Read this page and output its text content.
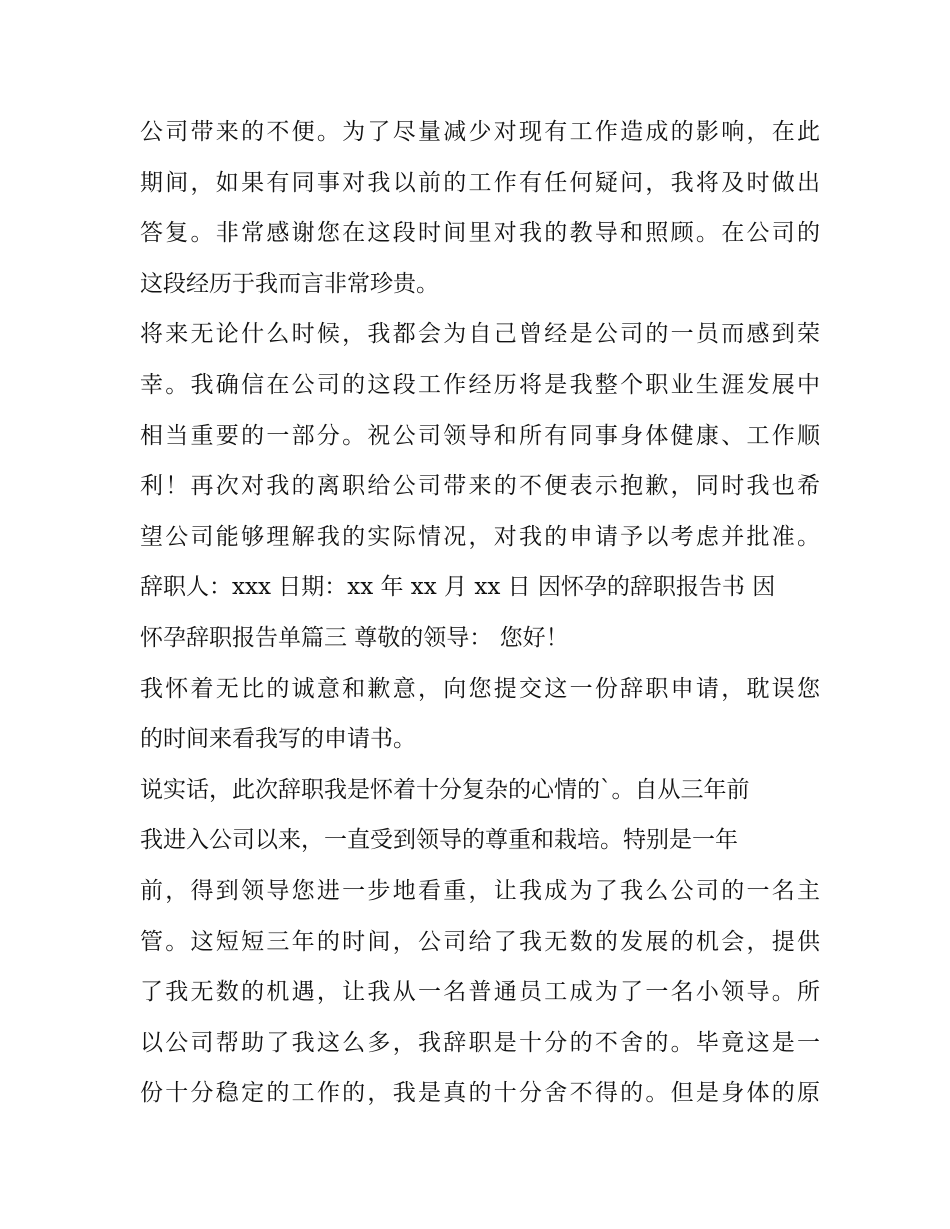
公司带来的不便。为了尽量减少对现有工作造成的影响，在此
期间，如果有同事对我以前的工作有任何疑问，我将及时做出
答复。非常感谢您在这段时间里对我的教导和照顾。在公司的
这段经历于我而言非常珍贵。
将来无论什么时候，我都会为自己曾经是公司的一员而感到荣
幸。我确信在公司的这段工作经历将是我整个职业生涯发展中
相当重要的一部分。祝公司领导和所有同事身体健康、工作顺
利！再次对我的离职给公司带来的不便表示抱歉，同时我也希
望公司能够理解我的实际情况，对我的申请予以考虑并批准。
辞职人：xxx 日期：xx 年 xx 月 xx 日 因怀孕的辞职报告书 因
怀孕辞职报告单篇三 尊敬的领导： 您好！
我怀着无比的诚意和歉意，向您提交这一份辞职申请，耽误您
的时间来看我写的申请书。
说实话，此次辞职我是怀着十分复杂的心情的`。自从三年前
我进入公司以来，一直受到领导的尊重和栽培。特别是一年
前，得到领导您进一步地看重，让我成为了我么公司的一名主
管。这短短三年的时间，公司给了我无数的发展的机会，提供
了我无数的机遇，让我从一名普通员工成为了一名小领导。所
以公司帮助了我这么多，我辞职是十分的不舍的。毕竟这是一
份十分稳定的工作的，我是真的十分舍不得的。但是身体的原
